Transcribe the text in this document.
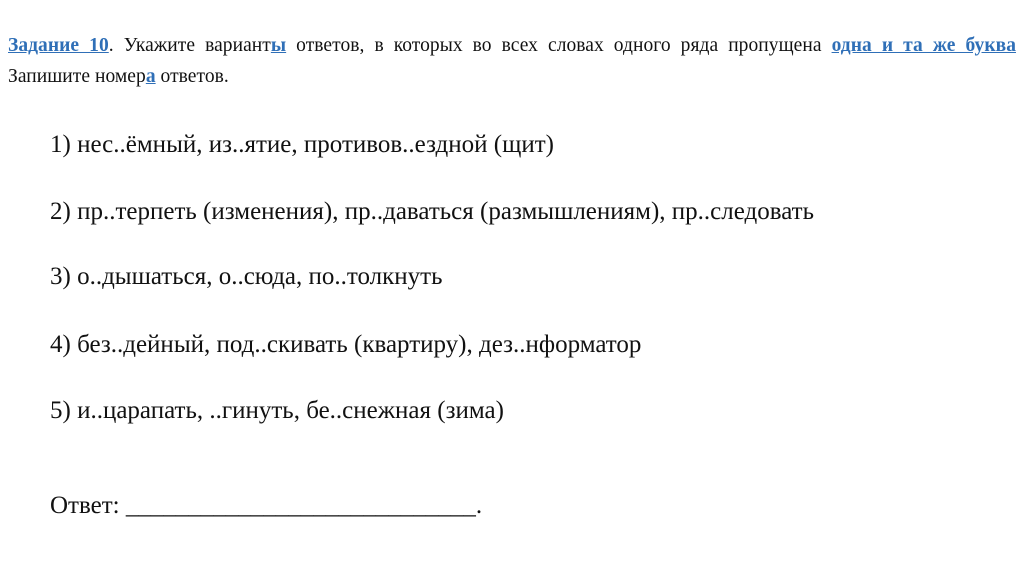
Задание 10. Укажите варианты ответов, в которых во всех словах одного ряда пропущена одна и та же буква Запишите номера ответов.
1) нес..ёмный, из..ятие, противов..ездной (щит)
2) пр..терпеть (изменения), пр..даваться (размышлениям), пр..следовать
3) о..дышаться, о..сюда, по..толкнуть
4) без..дейный, под..скивать (квартиру), дез..нформатор
5) и..царапать, ..гинуть, бе..снежная (зима)
Ответ: ____________________________.
